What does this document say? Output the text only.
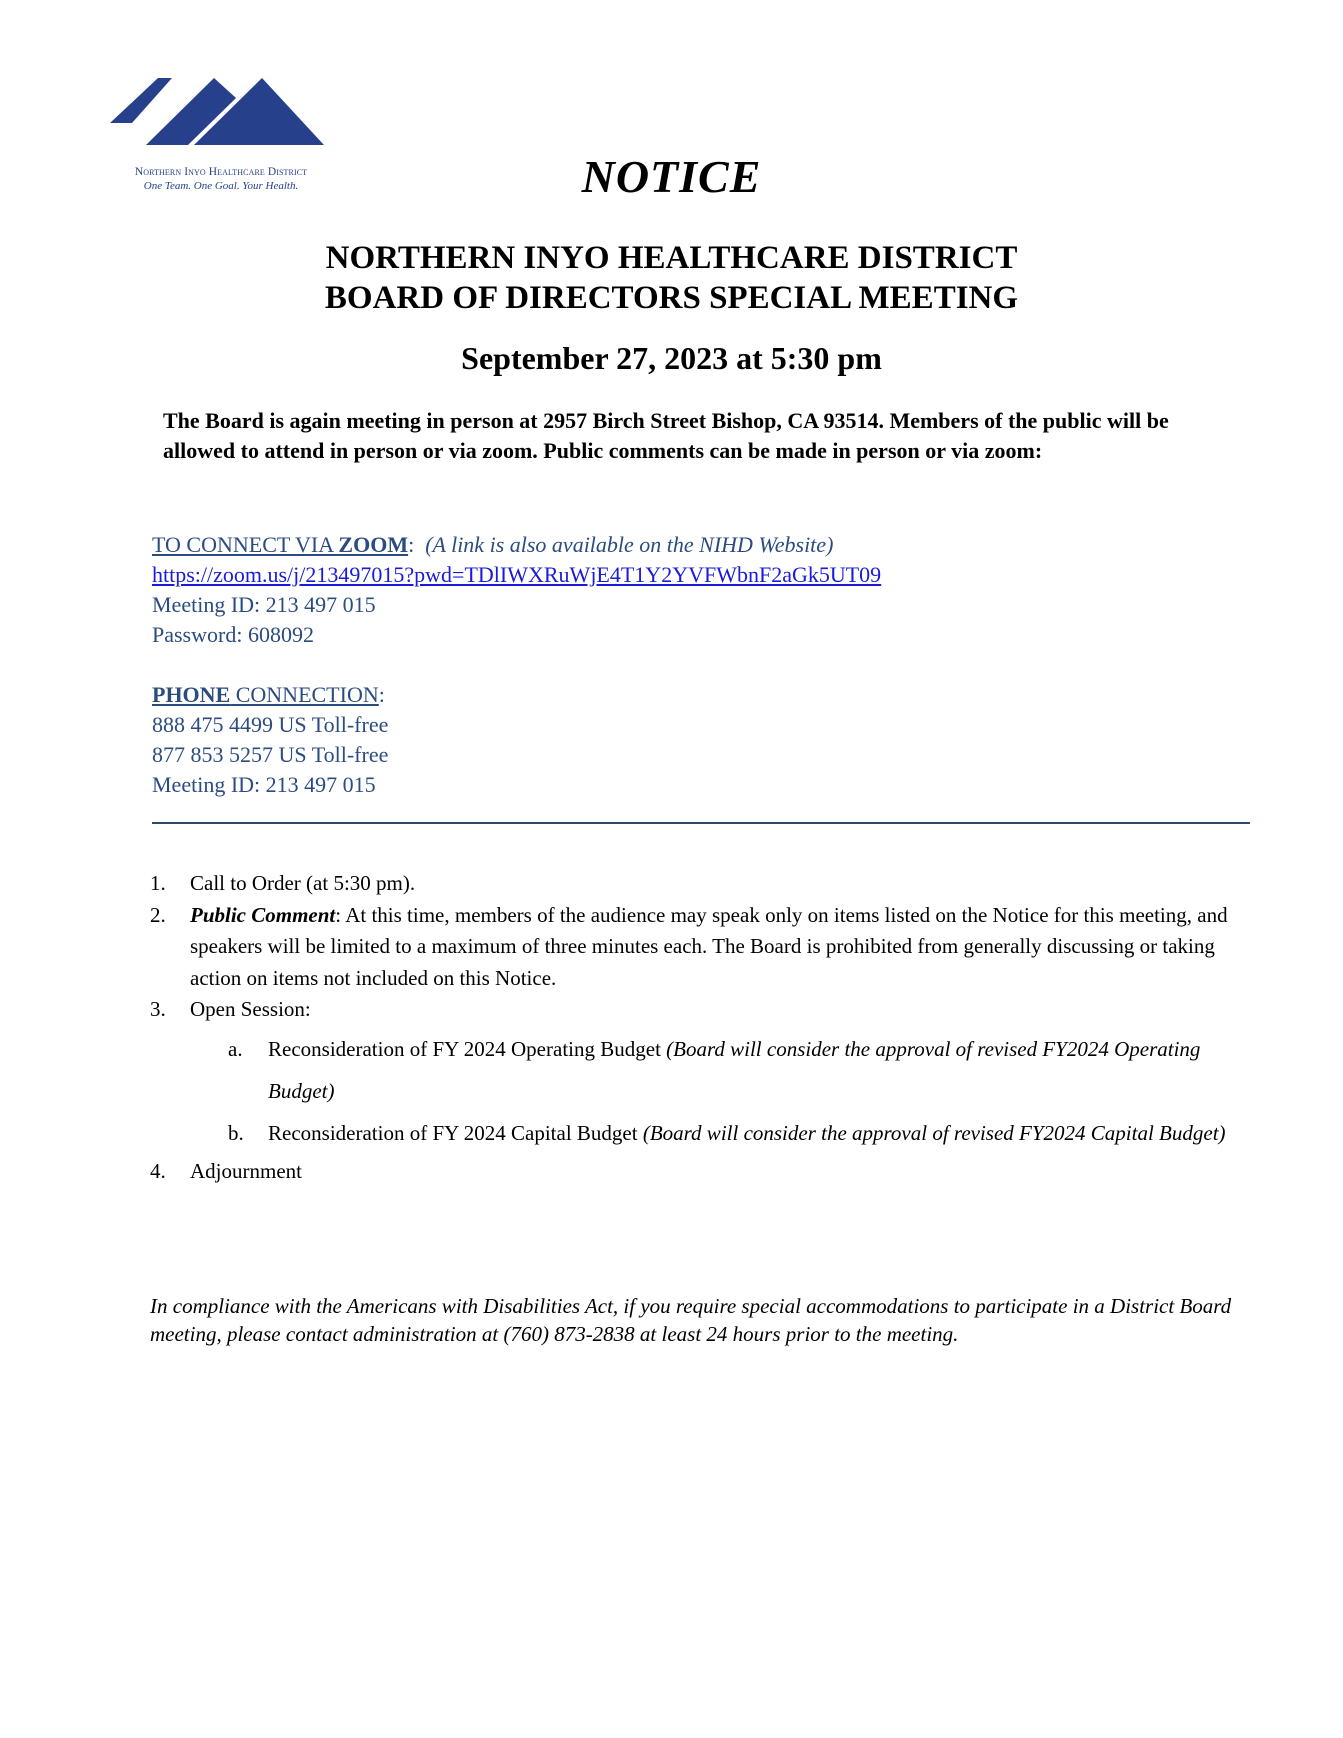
Northern Inyo Healthcare District
One Team. One Goal. Your Health.	NOTICE
NORTHERN INYO HEALTHCARE DISTRICT
BOARD OF DIRECTORS SPECIAL MEETING
September 27, 2023 at 5:30 pm
The Board is again meeting in person at 2957 Birch Street Bishop, CA 93514. Members of the public will be allowed to attend in person or via zoom. Public comments can be made in person or via zoom:
TO CONNECT VIA ZOOM: (A link is also available on the NIHD Website)
https://zoom.us/j/213497015?pwd=TDlIWXRuWjE4T1Y2YVFWbnF2aGk5UT09
Meeting ID: 213 497 015
Password: 608092
PHONE CONNECTION:
888 475 4499 US Toll-free
877 853 5257 US Toll-free
Meeting ID: 213 497 015
1. Call to Order (at 5:30 pm).
2. Public Comment: At this time, members of the audience may speak only on items listed on the Notice for this meeting, and speakers will be limited to a maximum of three minutes each. The Board is prohibited from generally discussing or taking action on items not included on this Notice.
3. Open Session:
a. Reconsideration of FY 2024 Operating Budget (Board will consider the approval of revised FY2024 Operating Budget)
b. Reconsideration of FY 2024 Capital Budget (Board will consider the approval of revised FY2024 Capital Budget)
4. Adjournment
In compliance with the Americans with Disabilities Act, if you require special accommodations to participate in a District Board meeting, please contact administration at (760) 873-2838 at least 24 hours prior to the meeting.
